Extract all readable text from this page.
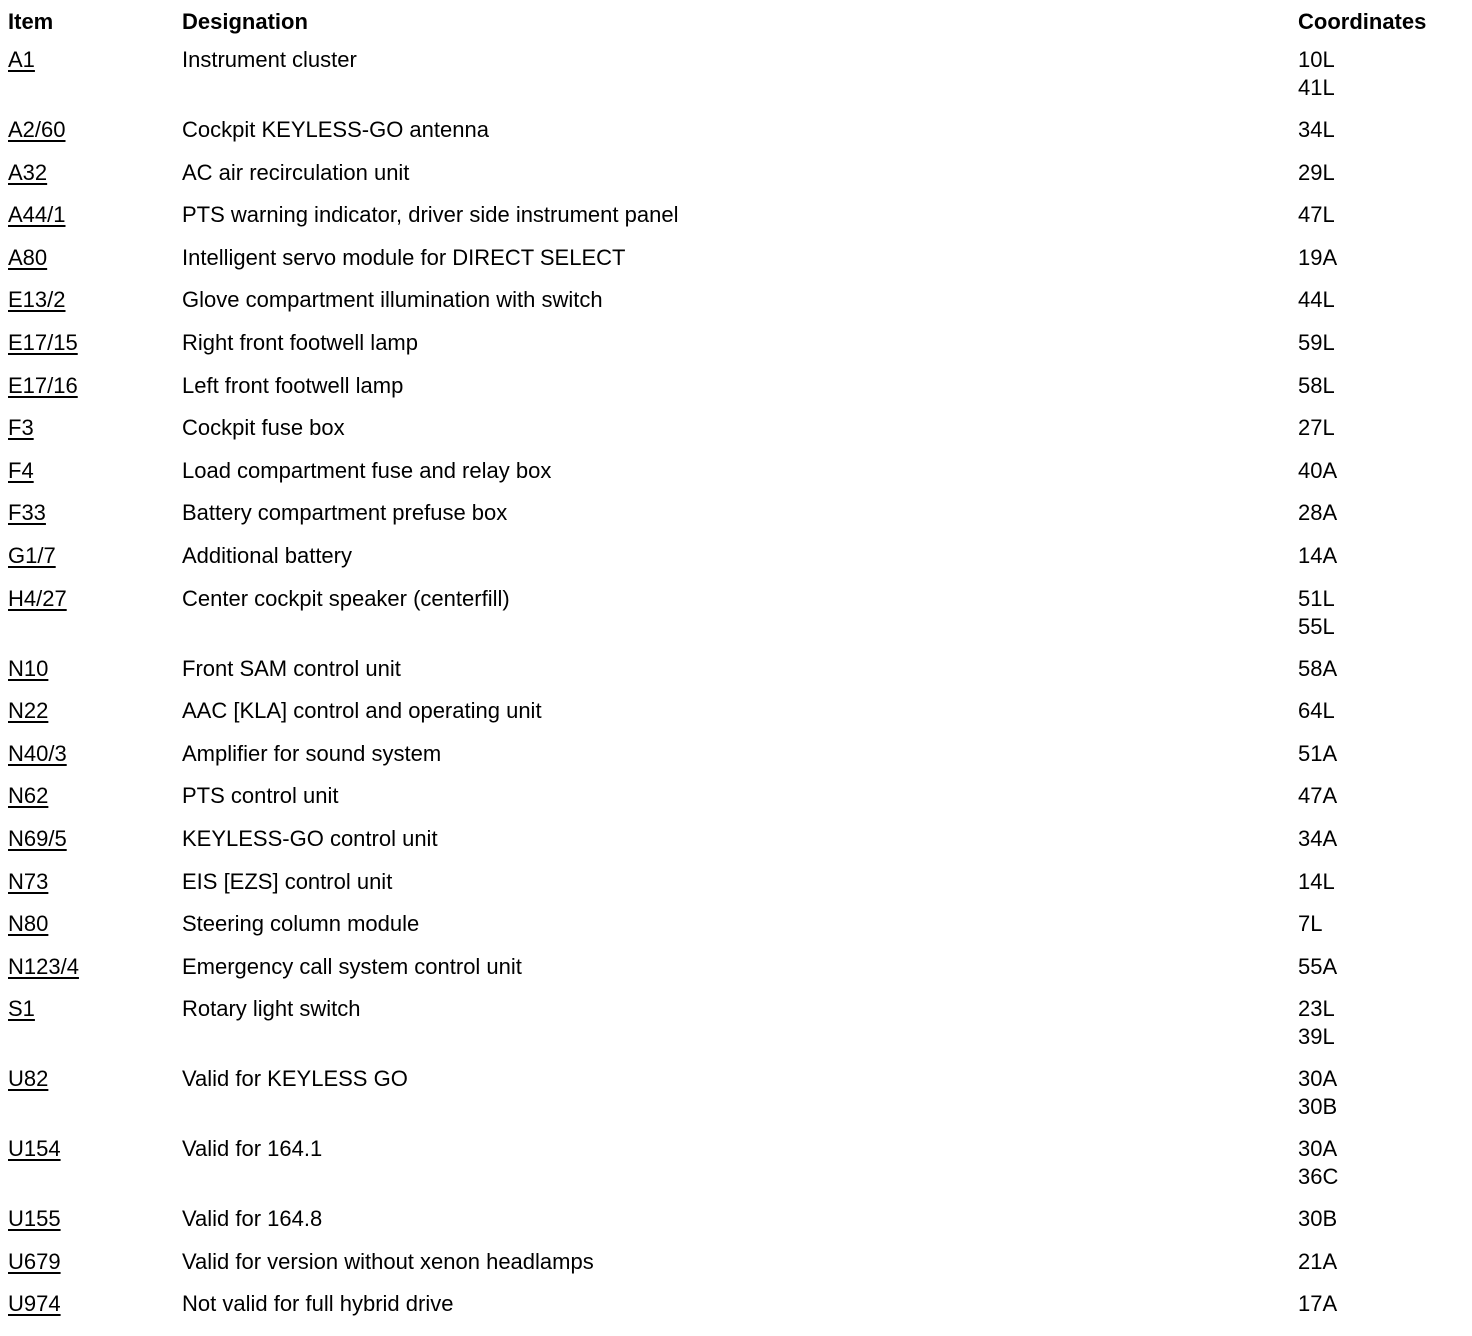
Item	Designation	Coordinates
A1	Instrument cluster	10L
41L

A2/60	Cockpit KEYLESS-GO antenna	34L

A32	AC air recirculation unit	29L

A44/1	PTS warning indicator, driver side instrument panel	47L

A80	Intelligent servo module for DIRECT SELECT	19A

E13/2	Glove compartment illumination with switch	44L

E17/15	Right front footwell lamp	59L

E17/16	Left front footwell lamp	58L

F3	Cockpit fuse box	27L

F4	Load compartment fuse and relay box	40A

F33	Battery compartment prefuse box	28A

G1/7	Additional battery	14A

H4/27	Center cockpit speaker (centerfill)	51L
55L

N10	Front SAM control unit	58A

N22	AAC [KLA] control and operating unit	64L

N40/3	Amplifier for sound system	51A

N62	PTS control unit	47A

N69/5	KEYLESS-GO control unit	34A

N73	EIS [EZS] control unit	14L

N80	Steering column module	7L

N123/4	Emergency call system control unit	55A

S1	Rotary light switch	23L
39L

U82	Valid for KEYLESS GO	30A
30B

U154	Valid for 164.1	30A
36C

U155	Valid for 164.8	30B

U679	Valid for version without xenon headlamps	21A

U974	Not valid for full hybrid drive	17A
